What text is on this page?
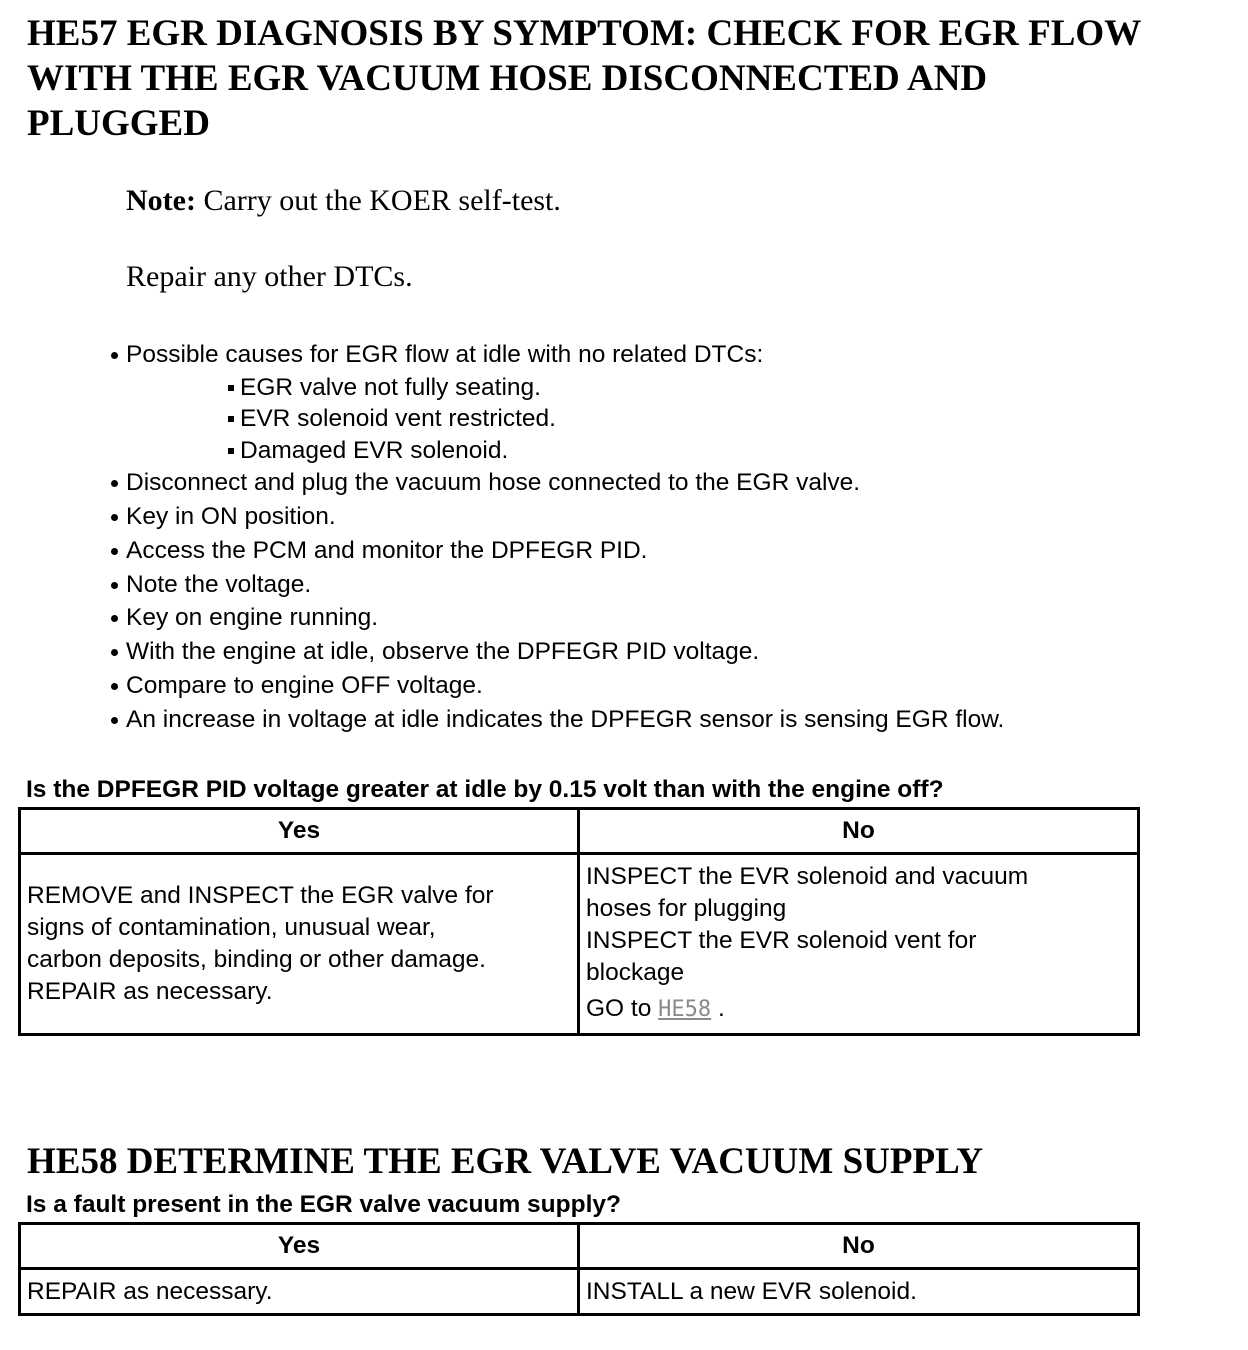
HE57 EGR DIAGNOSIS BY SYMPTOM: CHECK FOR EGR FLOW
WITH THE EGR VACUUM HOSE DISCONNECTED AND
PLUGGED

Note: Carry out the KOER self-test.

Repair any other DTCs.

Possible causes for EGR flow at idle with no related DTCs:
EGR valve not fully seating.
EVR solenoid vent restricted.
Damaged EVR solenoid.
Disconnect and plug the vacuum hose connected to the EGR valve.
Key in ON position.
Access the PCM and monitor the DPFEGR PID.
Note the voltage.
Key on engine running.
With the engine at idle, observe the DPFEGR PID voltage.
Compare to engine OFF voltage.
An increase in voltage at idle indicates the DPFEGR sensor is sensing EGR flow.

Is the DPFEGR PID voltage greater at idle by 0.15 volt than with the engine off?

Yes	No
REMOVE and INSPECT the EGR valve for
signs of contamination, unusual wear,
carbon deposits, binding or other damage.
REPAIR as necessary.	INSPECT the EVR solenoid and vacuum
hoses for plugging
INSPECT the EVR solenoid vent for
blockage
GO to HE58 .
HE58 DETERMINE THE EGR VALVE VACUUM SUPPLY

Is a fault present in the EGR valve vacuum supply?

Yes	No
REPAIR as necessary.	INSTALL a new EVR solenoid.
